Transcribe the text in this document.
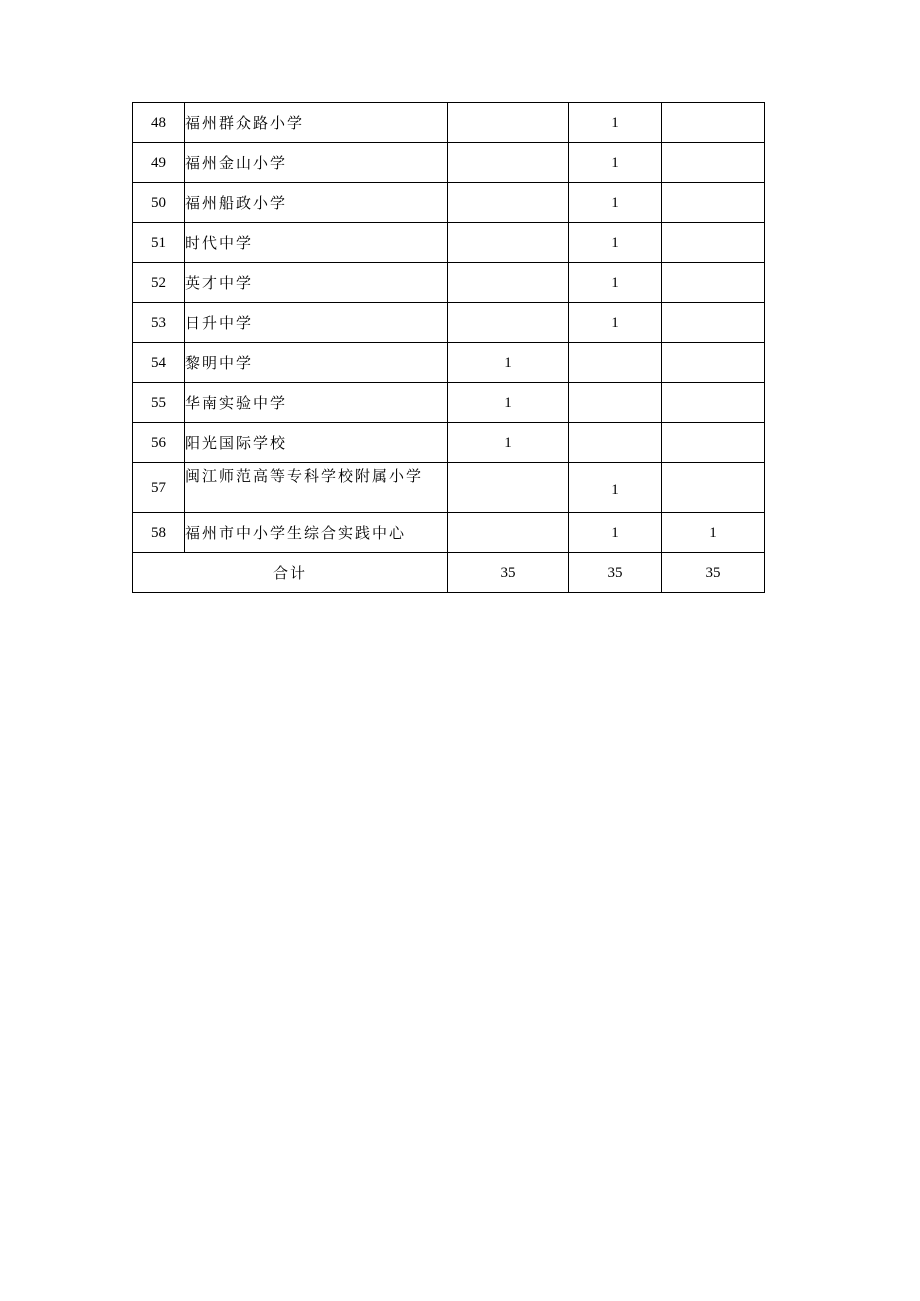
48	福州群众路小学		1	
49	福州金山小学		1	
50	福州船政小学		1	
51	时代中学		1	
52	英才中学		1	
53	日升中学		1	
54	黎明中学	1		
55	华南实验中学	1		
56	阳光国际学校	1		
57	闽江师范高等专科学校附属小学		1	
58	福州市中小学生综合实践中心		1	1
合计		35	35	35
